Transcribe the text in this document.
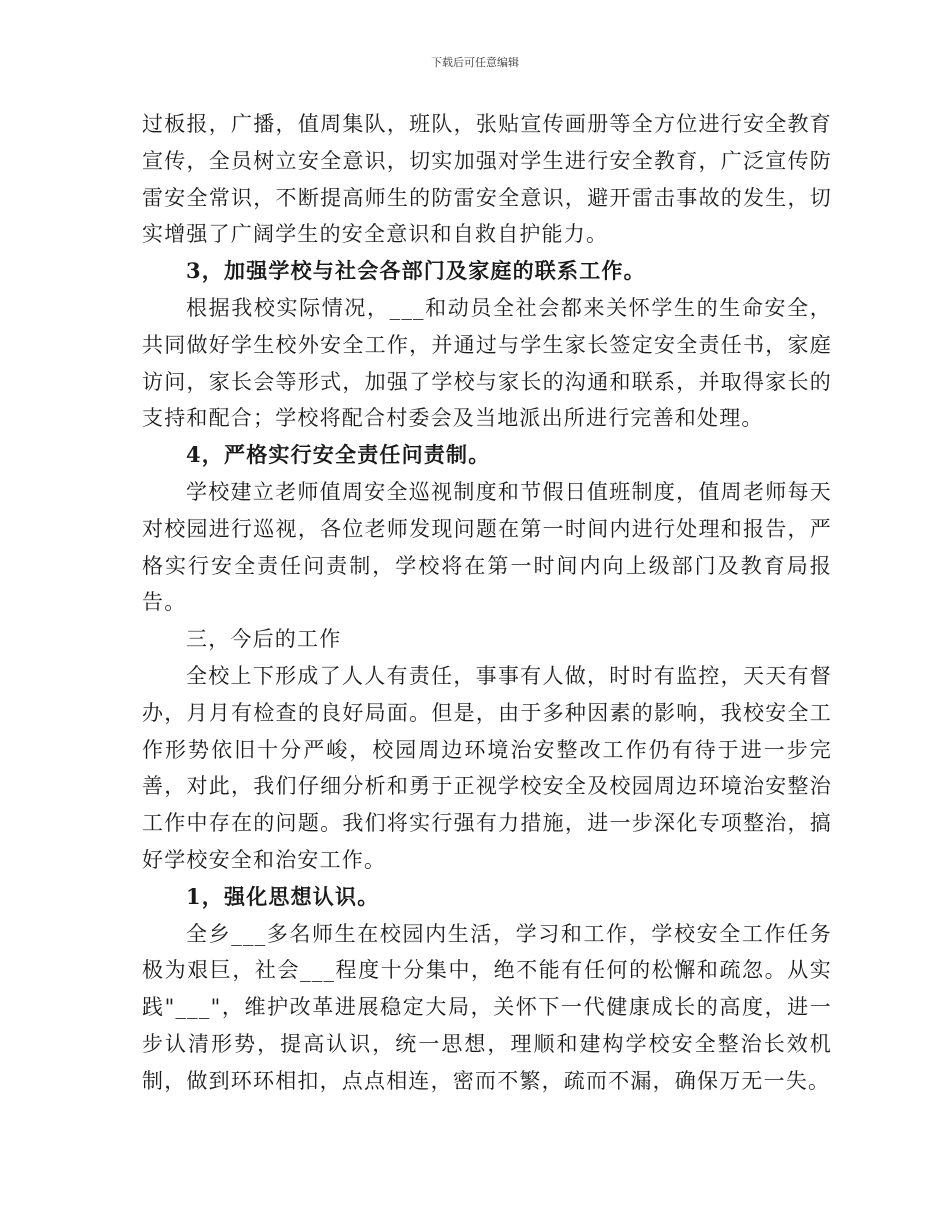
下载后可任意编辑

过板报，广播，值周集队，班队，张贴宣传画册等全方位进行安全教育宣传，全员树立安全意识，切实加强对学生进行安全教育，广泛宣传防雷安全常识，不断提高师生的防雷安全意识，避开雷击事故的发生，切实增强了广阔学生的安全意识和自救自护能力。

3，加强学校与社会各部门及家庭的联系工作。

根据我校实际情况，___和动员全社会都来关怀学生的生命安全，共同做好学生校外安全工作，并通过与学生家长签定安全责任书，家庭访问，家长会等形式，加强了学校与家长的沟通和联系，并取得家长的支持和配合；学校将配合村委会及当地派出所进行完善和处理。

4，严格实行安全责任问责制。

学校建立老师值周安全巡视制度和节假日值班制度，值周老师每天对校园进行巡视，各位老师发现问题在第一时间内进行处理和报告，严格实行安全责任问责制，学校将在第一时间内向上级部门及教育局报告。

三，今后的工作

全校上下形成了人人有责任，事事有人做，时时有监控，天天有督办，月月有检查的良好局面。但是，由于多种因素的影响，我校安全工作形势依旧十分严峻，校园周边环境治安整改工作仍有待于进一步完善，对此，我们仔细分析和勇于正视学校安全及校园周边环境治安整治工作中存在的问题。我们将实行强有力措施，进一步深化专项整治，搞好学校安全和治安工作。

1，强化思想认识。

全乡___多名师生在校园内生活，学习和工作，学校安全工作任务极为艰巨，社会___程度十分集中，绝不能有任何的松懈和疏忽。从实践"___"，维护改革进展稳定大局，关怀下一代健康成长的高度，进一步认清形势，提高认识，统一思想，理顺和建构学校安全整治长效机制，做到环环相扣，点点相连，密而不繁，疏而不漏，确保万无一失。
